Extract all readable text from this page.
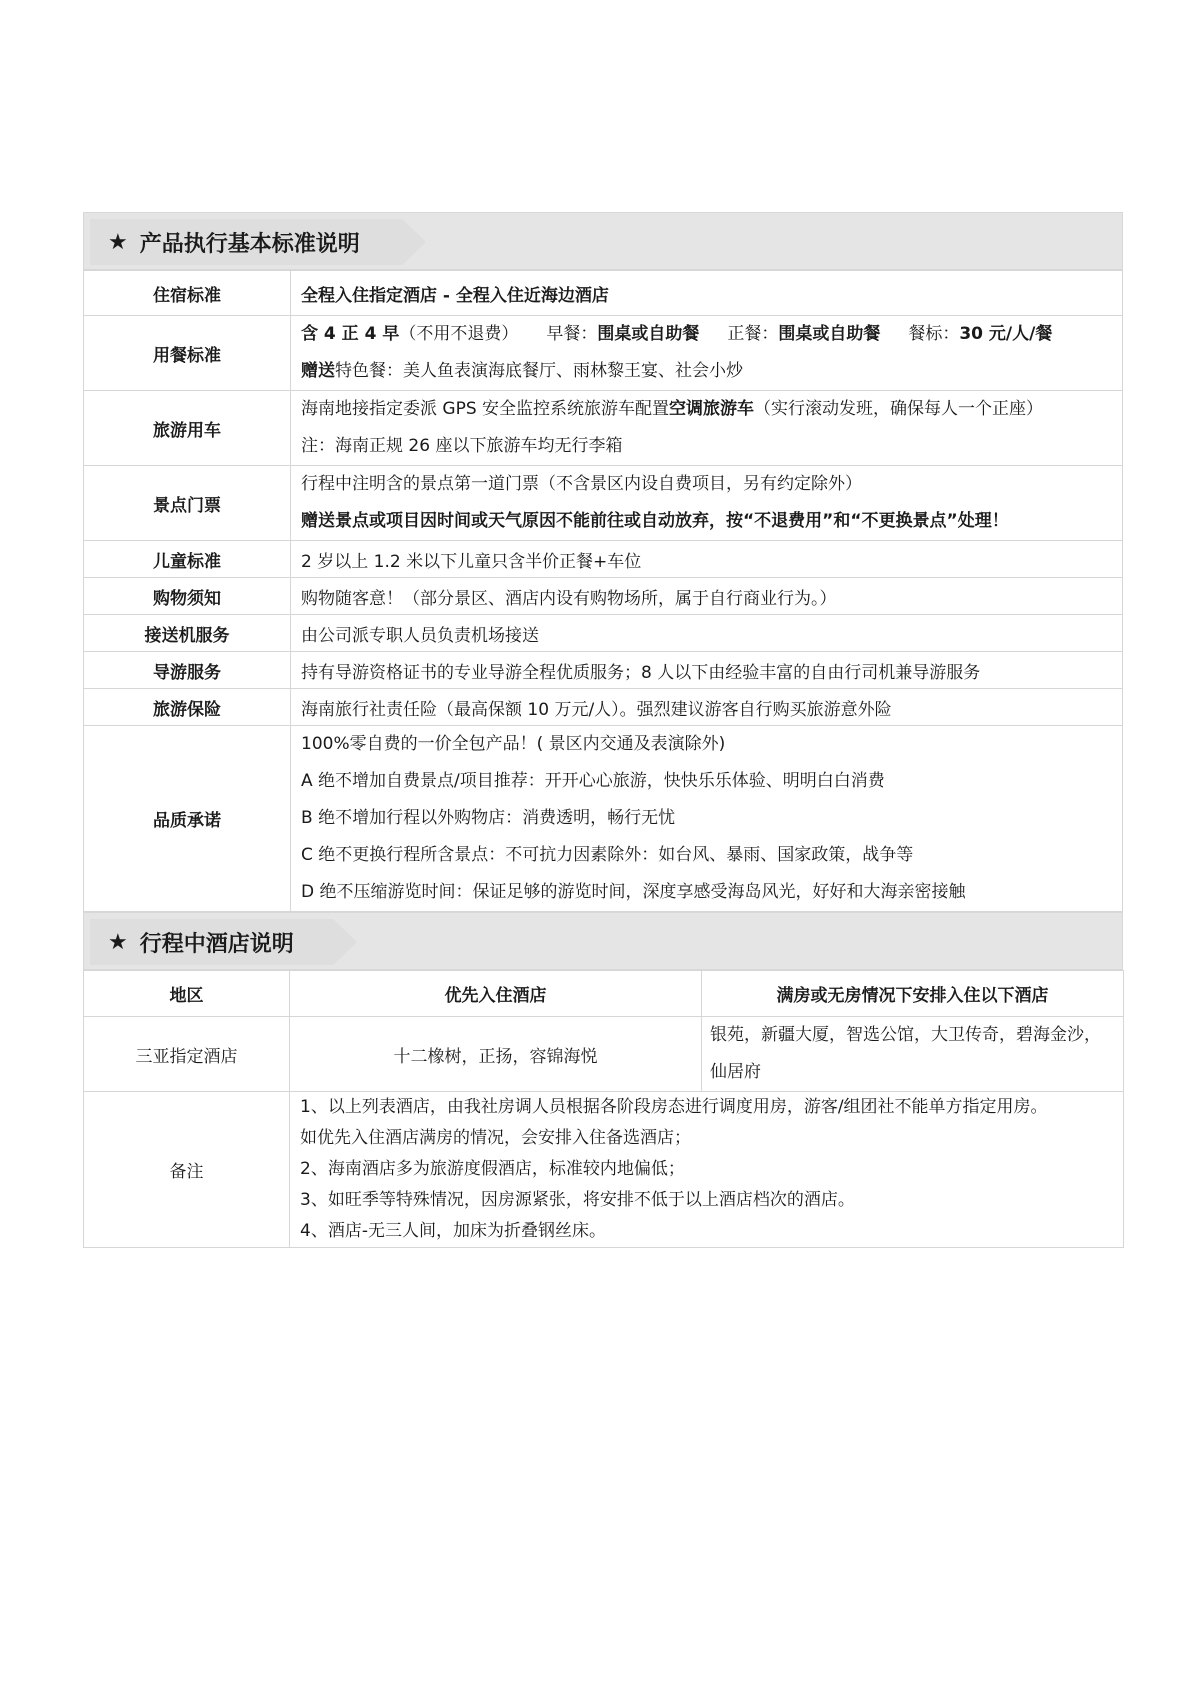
★ 产品执行基本标准说明
住宿标准	全程入住指定酒店 - 全程入住近海边酒店
用餐标准	含 4 正 4 早（不用不退费） 早餐：围桌或自助餐 正餐：围桌或自助餐 餐标：30 元/人/餐
赠送特色餐：美人鱼表演海底餐厅、雨林黎王宴、社会小炒

旅游用车	海南地接指定委派 GPS 安全监控系统旅游车配置空调旅游车（实行滚动发班，确保每人一个正座）
注：海南正规 26 座以下旅游车均无行李箱

景点门票	行程中注明含的景点第一道门票（不含景区内设自费项目，另有约定除外）
赠送景点或项目因时间或天气原因不能前往或自动放弃，按“不退费用”和“不更换景点”处理！

儿童标准	2 岁以上 1.2 米以下儿童只含半价正餐+车位
购物须知	购物随客意！（部分景区、酒店内设有购物场所，属于自行商业行为。）
接送机服务	由公司派专职人员负责机场接送
导游服务	持有导游资格证书的专业导游全程优质服务；8 人以下由经验丰富的自由行司机兼导游服务
旅游保险	海南旅行社责任险（最高保额 10 万元/人）。强烈建议游客自行购买旅游意外险
品质承诺	100%零自费的一价全包产品！( 景区内交通及表演除外)
A 绝不增加自费景点/项目推荐：开开心心旅游，快快乐乐体验、明明白白消费
B 绝不增加行程以外购物店：消费透明，畅行无忧
C 绝不更换行程所含景点：不可抗力因素除外：如台风、暴雨、国家政策，战争等
D 绝不压缩游览时间：保证足够的游览时间，深度享感受海岛风光，好好和大海亲密接触
★ 行程中酒店说明
地区	优先入住酒店	满房或无房情况下安排入住以下酒店
三亚指定酒店	十二橡树，正扬，容锦海悦	银苑，新疆大厦，智选公馆，大卫传奇，碧海金沙，
仙居府

备注	1、以上列表酒店，由我社房调人员根据各阶段房态进行调度用房，游客/组团社不能单方指定用房。
如优先入住酒店满房的情况，会安排入住备选酒店；
2、海南酒店多为旅游度假酒店，标准较内地偏低；
3、如旺季等特殊情况，因房源紧张，将安排不低于以上酒店档次的酒店。
4、酒店-无三人间，加床为折叠钢丝床。	
